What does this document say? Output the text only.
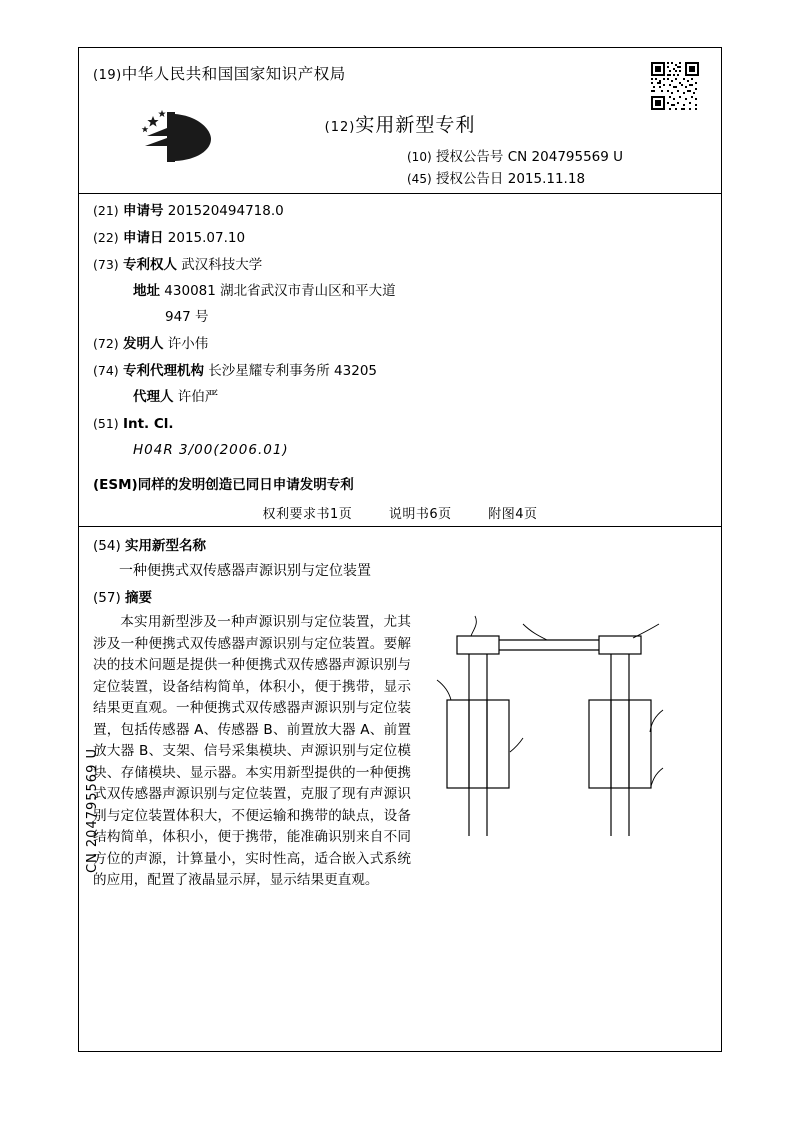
(19)中华人民共和国国家知识产权局
(12)实用新型专利
(10) 授权公告号 CN 204795569 U
(45) 授权公告日 2015.11.18
(21) 申请号 201520494718.0
(22) 申请日 2015.07.10
(73) 专利权人 武汉科技大学
地址 430081 湖北省武汉市青山区和平大道
947 号
(72) 发明人 许小伟
(74) 专利代理机构 长沙星耀专利事务所 43205
代理人 许伯严
(51) Int. Cl.
H04R 3/00(2006.01)
(ESM)同样的发明创造已同日申请发明专利
权利要求书1页	说明书6页	附图4页
(54) 实用新型名称
一种便携式双传感器声源识别与定位装置
(57) 摘要
本实用新型涉及一种声源识别与定位装置，尤其涉及一种便携式双传感器声源识别与定位装置。要解决的技术问题是提供一种便携式双传感器声源识别与定位装置，设备结构简单，体积小，便于携带，显示结果更直观。一种便携式双传感器声源识别与定位装置，包括传感器 A、传感器 B、前置放大器 A、前置放大器 B、支架、信号采集模块、声源识别与定位模块、存储模块、显示器。本实用新型提供的一种便携式双传感器声源识别与定位装置，克服了现有声源识别与定位装置体积大，不便运输和携带的缺点，设备结构简单，体积小，便于携带，能准确识别来自不同方位的声源，计算量小，实时性高，适合嵌入式系统的应用，配置了液晶显示屏，显示结果更直观。
CN 204795569 U
